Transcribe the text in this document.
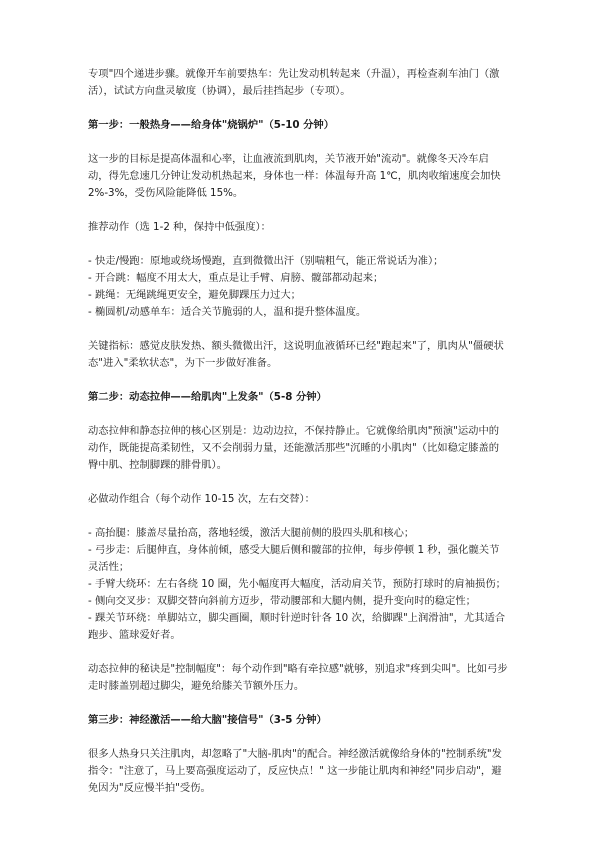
专项"四个递进步骤。就像开车前要热车：先让发动机转起来（升温），再检查刹车油门（激活），试试方向盘灵敏度（协调），最后挂挡起步（专项）。

第一步：一般热身——给身体"烧锅炉"（5-10 分钟）

这一步的目标是提高体温和心率，让血液流到肌肉，关节液开始"流动"。就像冬天冷车启动，得先怠速几分钟让发动机热起来，身体也一样：体温每升高 1℃，肌肉收缩速度会加快 2%-3%，受伤风险能降低 15%。

推荐动作（选 1-2 种，保持中低强度）：

- 快走/慢跑：原地或绕场慢跑，直到微微出汗（别喘粗气，能正常说话为准）；
- 开合跳：幅度不用太大，重点是让手臂、肩膀、髋部都动起来；
- 跳绳：无绳跳绳更安全，避免脚踝压力过大；
- 椭圆机/动感单车：适合关节脆弱的人，温和提升整体温度。

关键指标：感觉皮肤发热、额头微微出汗，这说明血液循环已经"跑起来"了，肌肉从"僵硬状态"进入"柔软状态"，为下一步做好准备。

第二步：动态拉伸——给肌肉"上发条"（5-8 分钟）

动态拉伸和静态拉伸的核心区别是：边动边拉，不保持静止。它就像给肌肉"预演"运动中的动作，既能提高柔韧性，又不会削弱力量，还能激活那些"沉睡的小肌肉"（比如稳定膝盖的臀中肌、控制脚踝的腓骨肌）。

必做动作组合（每个动作 10-15 次，左右交替）：

- 高抬腿：膝盖尽量抬高，落地轻缓，激活大腿前侧的股四头肌和核心；
- 弓步走：后腿伸直，身体前倾，感受大腿后侧和髋部的拉伸，每步停顿 1 秒，强化髋关节灵活性；
- 手臂大绕环：左右各绕 10 圈，先小幅度再大幅度，活动肩关节，预防打球时的肩袖损伤；
- 侧向交叉步：双脚交替向斜前方迈步，带动腰部和大腿内侧，提升变向时的稳定性；
- 踝关节环绕：单脚站立，脚尖画圈，顺时针逆时针各 10 次，给脚踝"上润滑油"，尤其适合跑步、篮球爱好者。

动态拉伸的秘诀是"控制幅度"：每个动作到"略有牵拉感"就够，别追求"疼到尖叫"。比如弓步走时膝盖别超过脚尖，避免给膝关节额外压力。

第三步：神经激活——给大脑"接信号"（3-5 分钟）

很多人热身只关注肌肉，却忽略了"大脑-肌肉"的配合。神经激活就像给身体的"控制系统"发指令："注意了，马上要高强度运动了，反应快点！" 这一步能让肌肉和神经"同步启动"，避免因为"反应慢半拍"受伤。
